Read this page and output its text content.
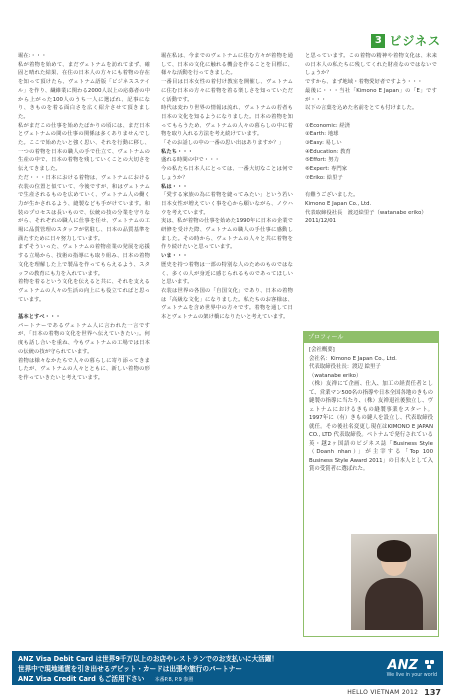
3 ビジネス

堀在:・・・

私が着物を始めて、まだヴェトナムを訪れてまず、確固と晴れた結果、在住の日本人の方々にも着物の存在を知って頂けたら、ヴェトナム語版「ビジネスステイル」を作り、繊維業に関わる2000人以上の応募者の中から上がった100人のうち一人に選ばれ、記事になり、きものを着る面白さを広く紹介させて頂きました。

私がまだこの仕事を始めたばかりの頃には、まだ日本とヴェトナムの間の仕事の関係は多くありませんでした。ここで始めたいと強く思い、それを行動に移し、一つの着物を日本の職人の手で仕立て、ヴェトナムの生産の中で、日本の着物を残していくことの大切さを伝えてきました。

ただ・・・日本における着物は、ヴェトナムにおける衣装の位置と似ていて、今後ですが、和はヴェトナムで生産されるものを広めていく、ヴェトナム人の働く力が生かされるよう、縫製なども手がけています。和装のプロセスは長いもので、伝統の技の分業を守りながら、それぞれの職人に仕事を任せ、ヴェトナムの工場に品質管理のスタッフが常駐し、日本の品質基準を満たすために日々努力しています。

まずそういった、ヴェトナムの着物産業の発展を応援する立場から、技術の指導にも取り組み、日本の着物文化を理解した上で製品を作ってもらえるよう、スタッフの教育にも力を入れています。

着物を着るという文化を伝えると共に、それを支えるヴェトナムの人々の生活の向上にも役立てればと思っています。

基本とすべ・・・

パートナーであるヴェトナム人に言われた一言ですが、「日本の着物の文化を世界へ伝えていきたい」。何度も話し合いを重ね、今もヴェトナムの工場では日本の伝統の技が守られています。

着物は様々なかたちで人々の暮らしに寄り添ってきましたが、ヴェトナムの人々とともに、新しい着物の形を作っていきたいと考えています。

堀在私は、今までのヴェトナムに住む方々が着物を通して、日本の文化に触れる機会を作ることを目標に、様々な活動を行ってきました。

一番目は日本女性の着付け教室を開催し、ヴェトナムに住む日本の方々に着物を着る楽しさを知っていただく活動です。

時代は変わり世界の情報は流れ、ヴェトナムの若者も日本の文化を知るようになりました。日本の着物を知ってもらうため、ヴェトナムの人々の暮らしの中に着物を取り入れる方法を考え続けています。

「そのお話しの中の一番の思い出はありますか？」

私たち・・・

盛れる時間の中で・・・

今の私たち日本人にとっては、一番大切なことは何でしょうか？

私は・・・

「愛する家族の為に着物を縫ってみたい」という若い日本女性が増えていく事を心から願いながら、ノウハウを考えています。

実は、私が着物の仕事を始めた1990年に日本の企業で研修を受けた際、ヴェトナムの職人の手仕事に感動しました。その時から、ヴェトナムの人々と共に着物を作り続けたいと思っています。

いま・・・

歴史を持つ着物は一部の特別な人のためのものではなく、多くの人が身近に感じられるものであってほしいと思います。

衣装は世界の各国の「自国文化」であり、日本の着物は「高級な文化」になりました。私たちのお客様は、ヴェトナムを含め世界中の方々です。着物を通して日本とヴェトナムの架け橋になりたいと考えています。

と思っています。この着物の精神や着物文化は、未来の日本人の私たちに残してくれた財産なのではないでしょうか？

ですから、まず地域・着物愛好者ですよう・・・

最後に・・・当社「Kimono E Japan」の「E」ですが・・・

以下の言葉を込めた名前をとても付けました。

①Economic: 経済

②Earth: 地球

③Easy: 易しい

④Education: 教育

⑤Effort: 努力

⑥Expert: 専門家

⑦Eriko: 絵里子

有難うございました。

Kimono E Japan Co., Ltd.

代表取締役社長　渡辺絵里子（watanabe eriko）

2011/12/01

プロフィール

[会社概要]

会社名：Kimono E Japan Co., Ltd.

代表取締役社長：渡辺 絵里子

（watanabe eriko）

（株）友禅にて企画、仕入、加工の経責任者として、営業マン500名の指導や日本全国各地のきもの縫製の指導に当たり、（株）友禅退社後独立し、ヴェトナムにおけるきもの縫製事業をスタート。1997年に（有）きもの縫人を設立し、代表取締役就任。その後社名変更し現在はKIMONO E JAPAN CO., LTD 代表取締役。ベトナムで発行されている英・越2ヶ国語のビジネス誌「Business Style（Doanh nhan）」が主宰する「Top 100 Business Style Award 2011」の日本人として入賞の受賞者に選ばれた。

ANZ Visa Debit Card は世界9千万以上のお店やレストランでのお支払いに大活躍！
世界中で現地通貨を引き出せるデビット・カードは出張や旅行のパートナー
ANZ Visa Credit Card もご活用下さい 本番P.8, P.9 参照
ANZ
We live in your world
HELLO VIETNAM 2012 137
